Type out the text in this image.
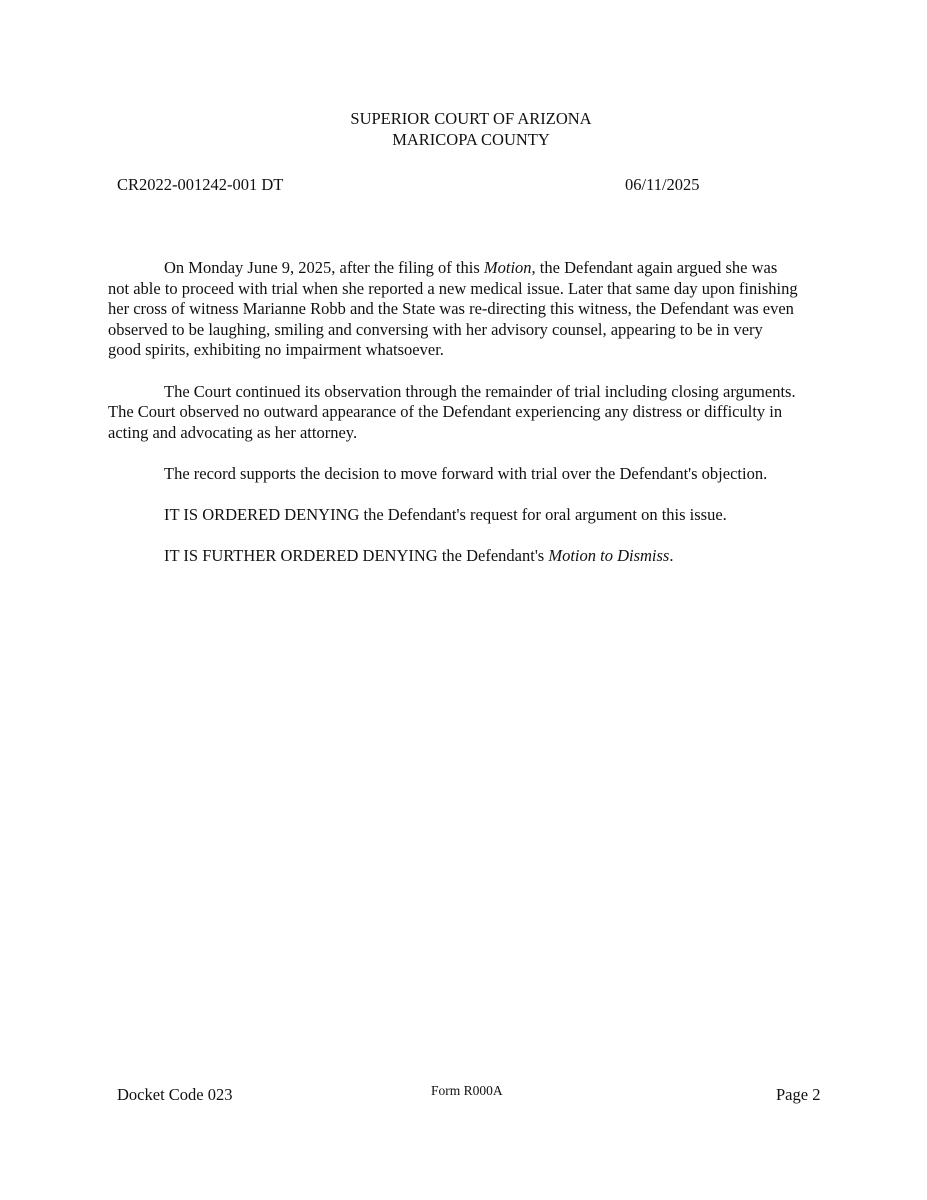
SUPERIOR COURT OF ARIZONA
MARICOPA COUNTY
CR2022-001242-001 DT	06/11/2025

On Monday June 9, 2025, after the filing of this Motion, the Defendant again argued she was not able to proceed with trial when she reported a new medical issue. Later that same day upon finishing her cross of witness Marianne Robb and the State was re-directing this witness, the Defendant was even observed to be laughing, smiling and conversing with her advisory counsel, appearing to be in very good spirits, exhibiting no impairment whatsoever.

The Court continued its observation through the remainder of trial including closing arguments. The Court observed no outward appearance of the Defendant experiencing any distress or difficulty in acting and advocating as her attorney.

The record supports the decision to move forward with trial over the Defendant's objection.

IT IS ORDERED DENYING the Defendant's request for oral argument on this issue.

IT IS FURTHER ORDERED DENYING the Defendant's Motion to Dismiss.

Docket Code 023	Form R000A	Page 2
